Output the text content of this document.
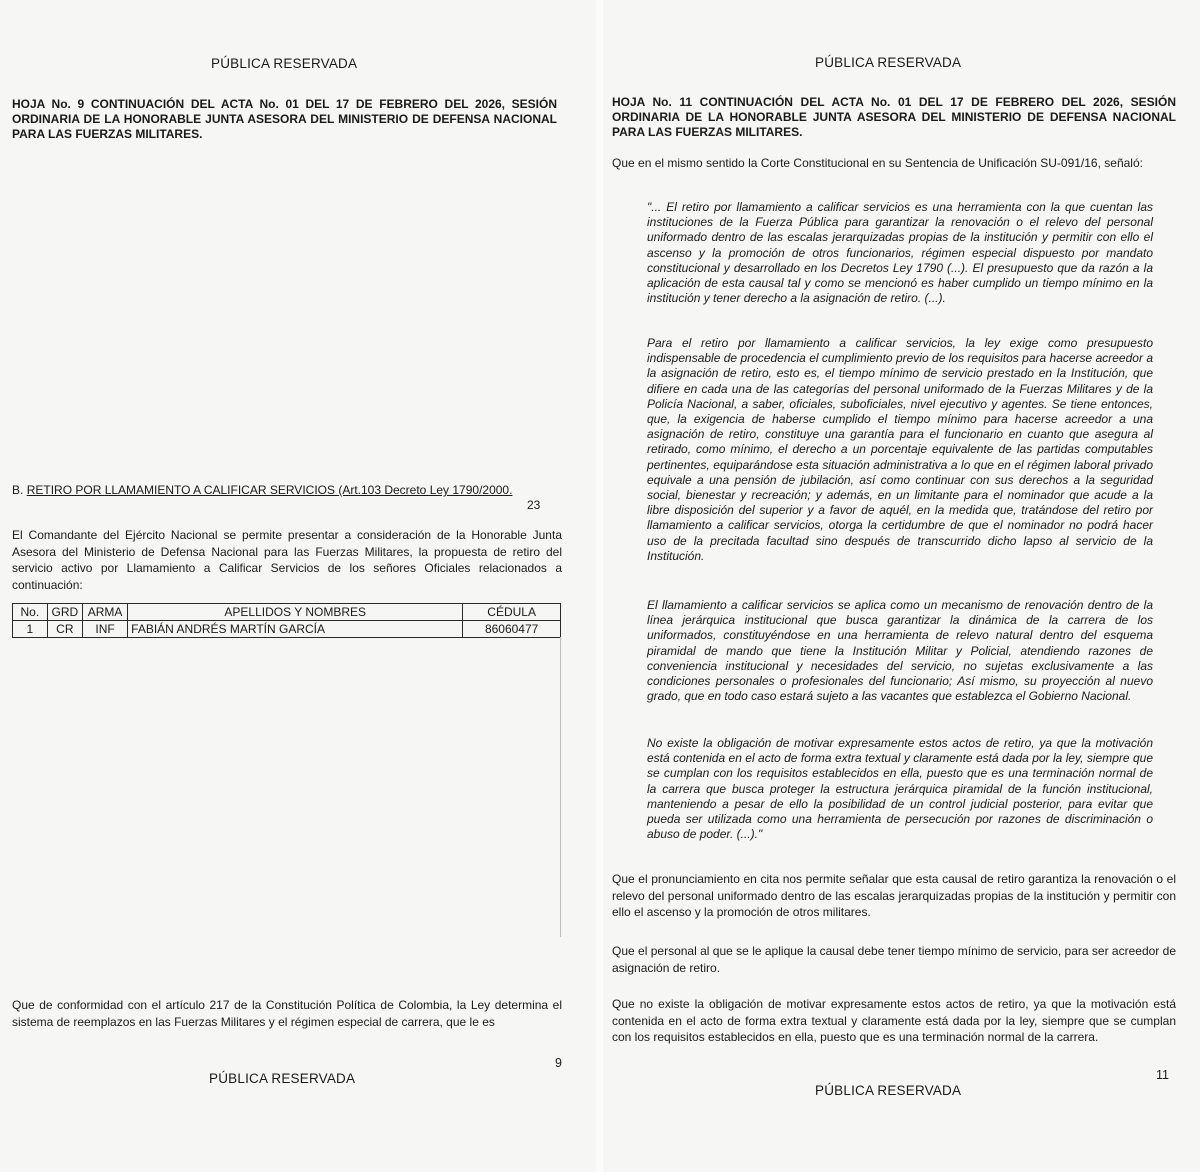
PÚBLICA RESERVADA

HOJA No. 9 CONTINUACIÓN DEL ACTA No. 01 DEL 17 DE FEBRERO DEL 2026, SESIÓN ORDINARIA DE LA HONORABLE JUNTA ASESORA DEL MINISTERIO DE DEFENSA NACIONAL PARA LAS FUERZAS MILITARES.

B. RETIRO POR LLAMAMIENTO A CALIFICAR SERVICIOS (Art.103 Decreto Ley 1790/2000.
23

El Comandante del Ejército Nacional se permite presentar a consideración de la Honorable Junta Asesora del Ministerio de Defensa Nacional para las Fuerzas Militares, la propuesta de retiro del servicio activo por Llamamiento a Calificar Servicios de los señores Oficiales relacionados a continuación:

No.	GRD	ARMA	APELLIDOS Y NOMBRES	CÉDULA
1	CR	INF	FABIÁN ANDRÉS MARTÍN GARCÍA	86060477

Que de conformidad con el artículo 217 de la Constitución Política de Colombia, la Ley determina el sistema de reemplazos en las Fuerzas Militares y el régimen especial de carrera, que le es

9
PÚBLICA RESERVADA
PÚBLICA RESERVADA

HOJA No. 11 CONTINUACIÓN DEL ACTA No. 01 DEL 17 DE FEBRERO DEL 2026, SESIÓN ORDINARIA DE LA HONORABLE JUNTA ASESORA DEL MINISTERIO DE DEFENSA NACIONAL PARA LAS FUERZAS MILITARES.

Que en el mismo sentido la Corte Constitucional en su Sentencia de Unificación SU-091/16, señaló:

"... El retiro por llamamiento a calificar servicios es una herramienta con la que cuentan las instituciones de la Fuerza Pública para garantizar la renovación o el relevo del personal uniformado dentro de las escalas jerarquizadas propias de la institución y permitir con ello el ascenso y la promoción de otros funcionarios, régimen especial dispuesto por mandato constitucional y desarrollado en los Decretos Ley 1790 (...). El presupuesto que da razón a la aplicación de esta causal tal y como se mencionó es haber cumplido un tiempo mínimo en la institución y tener derecho a la asignación de retiro. (...).

Para el retiro por llamamiento a calificar servicios, la ley exige como presupuesto indispensable de procedencia el cumplimiento previo de los requisitos para hacerse acreedor a la asignación de retiro, esto es, el tiempo mínimo de servicio prestado en la Institución, que difiere en cada una de las categorías del personal uniformado de la Fuerzas Militares y de la Policía Nacional, a saber, oficiales, suboficiales, nivel ejecutivo y agentes. Se tiene entonces, que, la exigencia de haberse cumplido el tiempo mínimo para hacerse acreedor a una asignación de retiro, constituye una garantía para el funcionario en cuanto que asegura al retirado, como mínimo, el derecho a un porcentaje equivalente de las partidas computables pertinentes, equiparándose esta situación administrativa a lo que en el régimen laboral privado equivale a una pensión de jubilación, así como continuar con sus derechos a la seguridad social, bienestar y recreación; y además, en un limitante para el nominador que acude a la libre disposición del superior y a favor de aquél, en la medida que, tratándose del retiro por llamamiento a calificar servicios, otorga la certidumbre de que el nominador no podrá hacer uso de la precitada facultad sino después de transcurrido dicho lapso al servicio de la Institución.

El llamamiento a calificar servicios se aplica como un mecanismo de renovación dentro de la línea jerárquica institucional que busca garantizar la dinámica de la carrera de los uniformados, constituyéndose en una herramienta de relevo natural dentro del esquema piramidal de mando que tiene la Institución Militar y Policial, atendiendo razones de conveniencia institucional y necesidades del servicio, no sujetas exclusivamente a las condiciones personales o profesionales del funcionario; Así mismo, su proyección al nuevo grado, que en todo caso estará sujeto a las vacantes que establezca el Gobierno Nacional.

No existe la obligación de motivar expresamente estos actos de retiro, ya que la motivación está contenida en el acto de forma extra textual y claramente está dada por la ley, siempre que se cumplan con los requisitos establecidos en ella, puesto que es una terminación normal de la carrera que busca proteger la estructura jerárquica piramidal de la función institucional, manteniendo a pesar de ello la posibilidad de un control judicial posterior, para evitar que pueda ser utilizada como una herramienta de persecución por razones de discriminación o abuso de poder. (...)."

Que el pronunciamiento en cita nos permite señalar que esta causal de retiro garantiza la renovación o el relevo del personal uniformado dentro de las escalas jerarquizadas propias de la institución y permitir con ello el ascenso y la promoción de otros militares.

Que el personal al que se le aplique la causal debe tener tiempo mínimo de servicio, para ser acreedor de asignación de retiro.

Que no existe la obligación de motivar expresamente estos actos de retiro, ya que la motivación está contenida en el acto de forma extra textual y claramente está dada por la ley, siempre que se cumplan con los requisitos establecidos en ella, puesto que es una terminación normal de la carrera.

11
PÚBLICA RESERVADA
